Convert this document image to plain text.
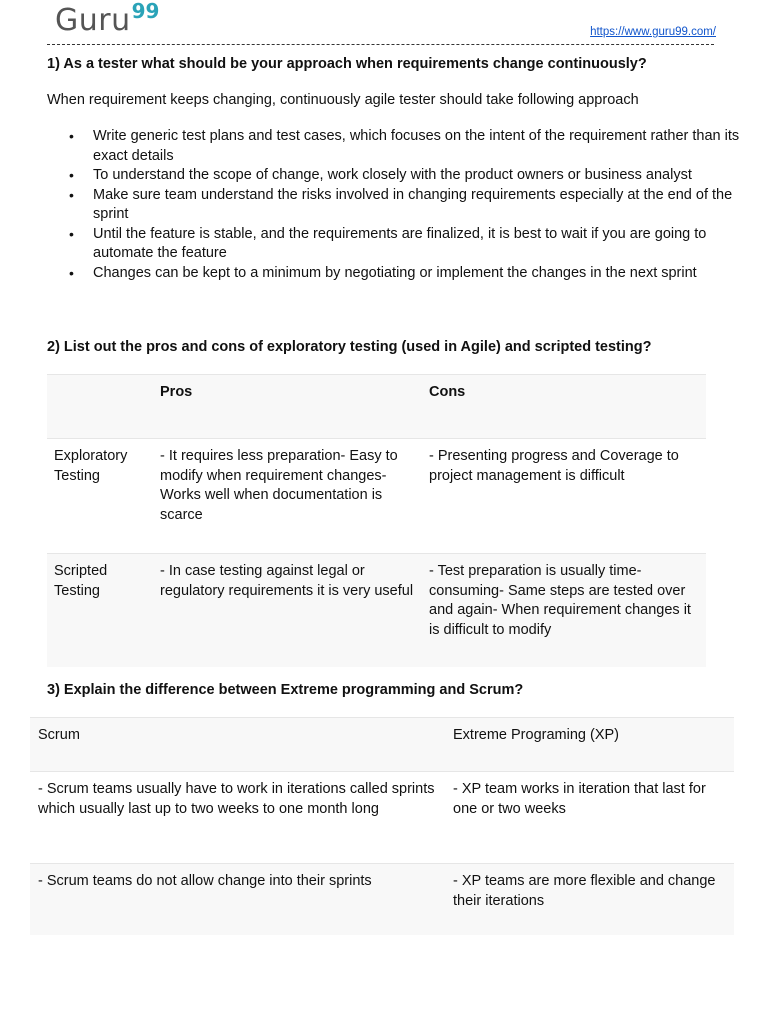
Guru99
https://www.guru99.com/
1) As a tester what should be your approach when requirements change continuously?
When requirement keeps changing, continuously agile tester should take following approach
• Write generic test plans and test cases, which focuses on the intent of the requirement rather than its exact details
• To understand the scope of change, work closely with the product owners or business analyst
• Make sure team understand the risks involved in changing requirements especially at the end of the sprint
• Until the feature is stable, and the requirements are finalized, it is best to wait if you are going to automate the feature
• Changes can be kept to a minimum by negotiating or implement the changes in the next sprint
2) List out the pros and cons of exploratory testing (used in Agile) and scripted testing?
	Pros	Cons
Exploratory Testing	- It requires less preparation- Easy to modify when requirement changes- Works well when documentation is scarce	- Presenting progress and Coverage to project management is difficult
Scripted Testing	- In case testing against legal or regulatory requirements it is very useful	- Test preparation is usually time-consuming- Same steps are tested over and again- When requirement changes it is difficult to modify
3) Explain the difference between Extreme programming and Scrum?
Scrum	Extreme Programing (XP)
- Scrum teams usually have to work in iterations called sprints which usually last up to two weeks to one month long	- XP team works in iteration that last for one or two weeks
- Scrum teams do not allow change into their sprints	- XP teams are more flexible and change their iterations
